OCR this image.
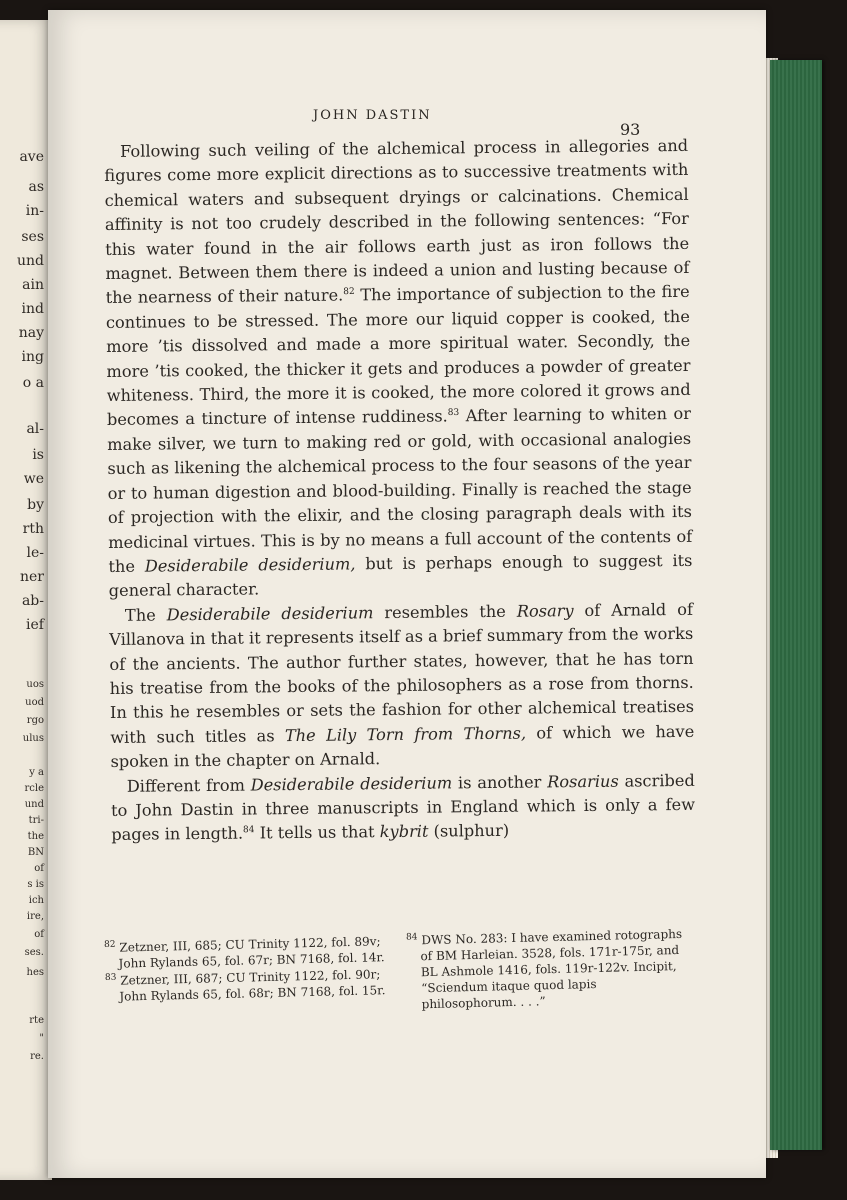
ave
as
in-
ses
und
ain
ind
nay
ing
o a
al-
is
we
by
rth
le-
ner
ab-
ief
uos
uod
rgo
ulus
y a
rcle
und
tri-
the
BN
of
s is
ich
ire,
of
ses.
hes
rte
"
re.
JOHN DASTIN
93

Following such veiling of the alchemical process in allegories and figures come more explicit directions as to successive treatments with chemical waters and subsequent dryings or calcinations. Chemical affinity is not too crudely described in the following sentences: “For this water found in the air follows earth just as iron follows the magnet. Between them there is indeed a union and lusting because of the nearness of their nature.$^{82}$ The importance of subjection to the fire continues to be stressed. The more our liquid copper is cooked, the more ’tis dissolved and made a more spiritual water. Secondly, the more ’tis cooked, the thicker it gets and produces a powder of greater whiteness. Third, the more it is cooked, the more colored it grows and becomes a tincture of intense ruddiness.$^{83}$ After learning to whiten or make silver, we turn to making red or gold, with occasional analogies such as likening the alchemical process to the four seasons of the year or to human digestion and blood-building. Finally is reached the stage of projection with the elixir, and the closing paragraph deals with its medicinal virtues. This is by no means a full account of the contents of the Desiderabile desiderium, but is perhaps enough to suggest its general character.

The Desiderabile desiderium resembles the Rosary of Arnald of Villanova in that it represents itself as a brief summary from the works of the ancients. The author further states, however, that he has torn his treatise from the books of the philosophers as a rose from thorns. In this he resembles or sets the fashion for other alchemical treatises with such titles as The Lily Torn from Thorns, of which we have spoken in the chapter on Arnald.

Different from Desiderabile desiderium is another Rosarius ascribed to John Dastin in three manuscripts in England which is only a few pages in length.$^{84}$ It tells us that kybrit (sulphur)

$^{82}$ Zetzner, III, 685; CU Trinity 1122, fol. 89v; John Rylands 65, fol. 67r; BN 7168, fol. 14r.

$^{83}$ Zetzner, III, 687; CU Trinity 1122, fol. 90r; John Rylands 65, fol. 68r; BN 7168, fol. 15r.

$^{84}$ DWS No. 283: I have examined rotographs of BM Harleian. 3528, fols. 171r-175r, and BL Ashmole 1416, fols. 119r-122v. Incipit, “Sciendum itaque quod lapis philosophorum. . . .”
